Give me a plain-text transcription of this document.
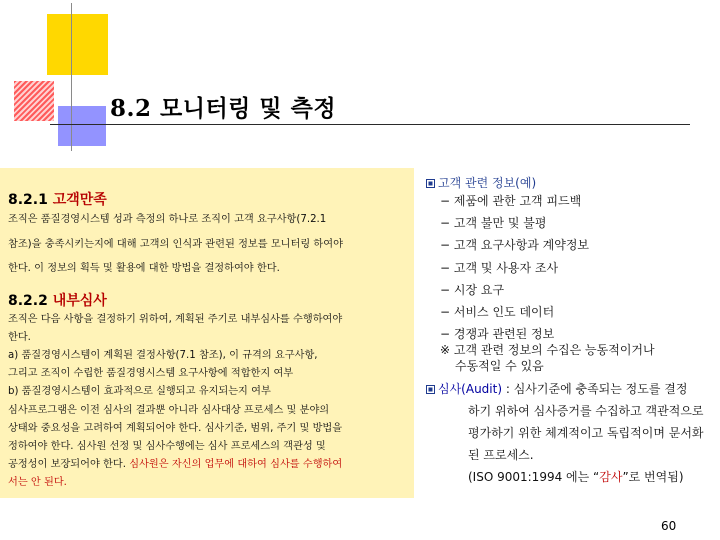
8.2 모니터링 및 측정
8.2.1 고객만족
조직은 품질경영시스템 성과 측정의 하나로 조직이 고객 요구사항(7.2.1
참조)을 충족시키는지에 대해 고객의 인식과 관련된 정보를 모니터링 하여야
한다. 이 정보의 획득 및 활용에 대한 방법을 결정하여야 한다.
8.2.2 내부심사
조직은 다음 사항을 결정하기 위하여, 계획된 주기로 내부심사를 수행하여야
한다.
a) 품질경영시스템이 계획된 결정사항(7.1 참조), 이 규격의 요구사항,
그리고 조직이 수립한 품질경영시스템 요구사항에 적합한지 여부
b) 품질경영시스템이 효과적으로 실행되고 유지되는지 여부
심사프로그램은 이전 심사의 결과뿐 아니라 심사대상 프로세스 및 분야의
상태와 중요성을 고려하여 계획되어야 한다. 심사기준, 범위, 주기 및 방법을
정하여야 한다. 심사원 선정 및 심사수행에는 심사 프로세스의 객관성 및
공정성이 보장되어야 한다. 심사원은 자신의 업무에 대하여 심사를 수행하여
서는 안 된다.
고객 관련 정보(예)
− 제품에 관한 고객 피드백
− 고객 불만 및 불평
− 고객 요구사항과 계약정보
− 고객 및 사용자 조사
− 시장 요구
− 서비스 인도 데이터
− 경쟁과 관련된 정보
※ 고객 관련 정보의 수집은 능동적이거나
수동적일 수 있음
심사(Audit) : 심사기준에 충족되는 정도를 결정
하기 위하여 심사증거를 수집하고 객관적으로
평가하기 위한 체계적이고 독립적이며 문서화
된 프로세스.
(ISO 9001:1994 에는 “감사”로 번역됨)
60
